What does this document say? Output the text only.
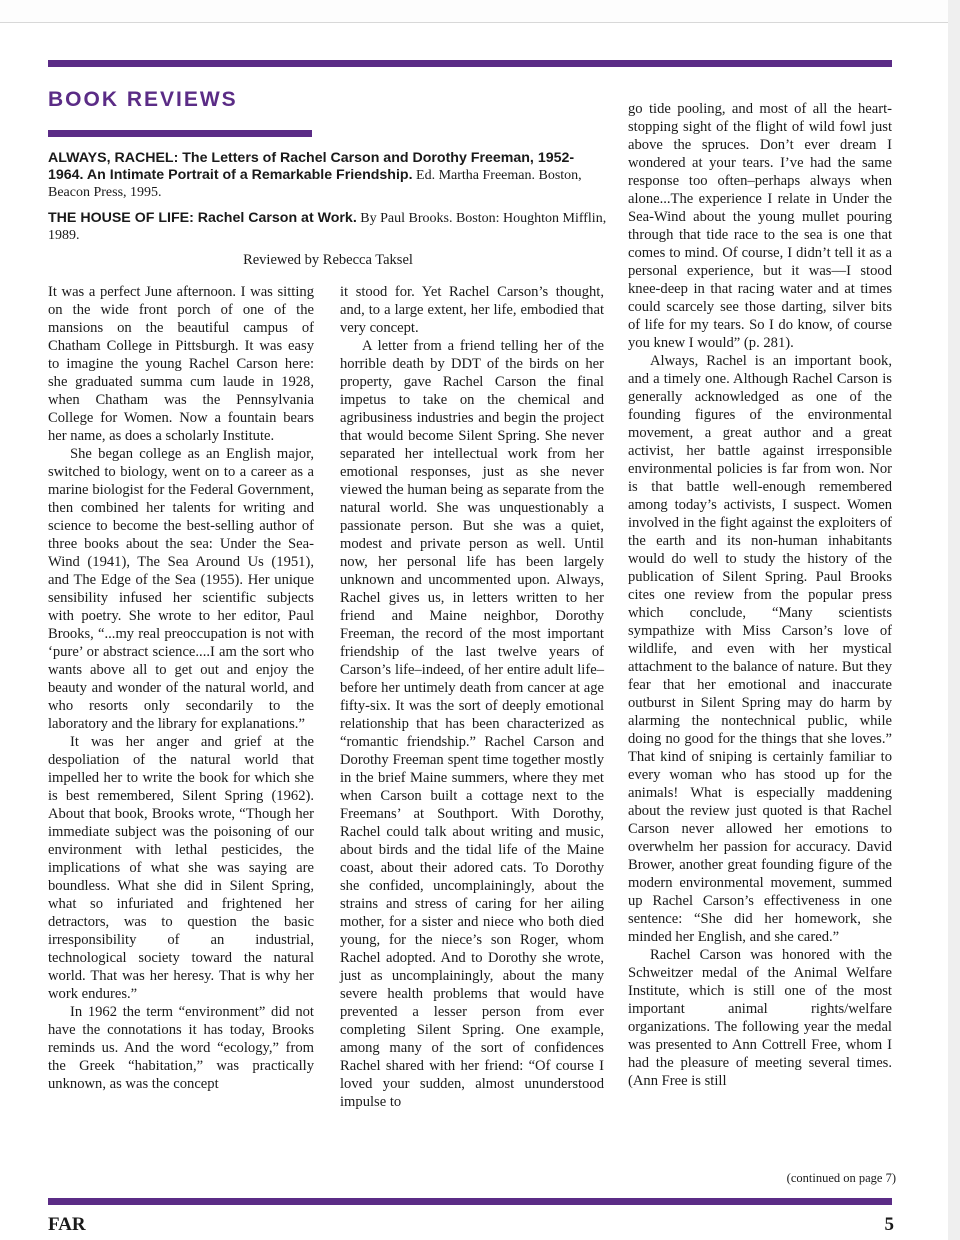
BOOK REVIEWS
ALWAYS, RACHEL: The Letters of Rachel Carson and Dorothy Freeman, 1952-1964. An Intimate Portrait of a Remarkable Friendship. Ed. Martha Freeman. Boston, Beacon Press, 1995.
THE HOUSE OF LIFE: Rachel Carson at Work. By Paul Brooks. Boston: Houghton Mifflin, 1989.
Reviewed by Rebecca Taksel

It was a perfect June afternoon. I was sitting on the wide front porch of one of the mansions on the beautiful campus of Chatham College in Pittsburgh. It was easy to imagine the young Rachel Carson here: she graduated summa cum laude in 1928, when Chatham was the Pennsylvania College for Women. Now a fountain bears her name, as does a scholarly Institute.

She began college as an English major, switched to biology, went on to a career as a marine biologist for the Federal Government, then combined her talents for writing and science to become the best-selling author of three books about the sea: Under the Sea-Wind (1941), The Sea Around Us (1951), and The Edge of the Sea (1955). Her unique sensibility infused her scientific subjects with poetry. She wrote to her editor, Paul Brooks, “...my real preoccupation is not with ‘pure’ or abstract science....I am the sort who wants above all to get out and enjoy the beauty and wonder of the natural world, and who resorts only secondarily to the laboratory and the library for explanations.”

It was her anger and grief at the despoliation of the natural world that impelled her to write the book for which she is best remembered, Silent Spring (1962). About that book, Brooks wrote, “Though her immediate subject was the poisoning of our environment with lethal pesticides, the implications of what she was saying are boundless. What she did in Silent Spring, what so infuriated and frightened her detractors, was to question the basic irresponsibility of an industrial, technological society toward the natural world. That was her heresy. That is why her work endures.”

In 1962 the term “environment” did not have the connotations it has today, Brooks reminds us. And the word “ecology,” from the Greek “habitation,” was practically unknown, as was the concept

it stood for. Yet Rachel Carson’s thought, and, to a large extent, her life, embodied that very concept.

A letter from a friend telling her of the horrible death by DDT of the birds on her property, gave Rachel Carson the final impetus to take on the chemical and agribusiness industries and begin the project that would become Silent Spring. She never separated her intellectual work from her emotional responses, just as she never viewed the human being as separate from the natural world. She was unquestionably a passionate person. But she was a quiet, modest and private person as well. Until now, her personal life has been largely unknown and uncommented upon. Always, Rachel gives us, in letters written to her friend and Maine neighbor, Dorothy Freeman, the record of the most important friendship of the last twelve years of Carson’s life–indeed, of her entire adult life–before her untimely death from cancer at age fifty-six. It was the sort of deeply emotional relationship that has been characterized as “romantic friendship.” Rachel Carson and Dorothy Freeman spent time together mostly in the brief Maine summers, where they met when Carson built a cottage next to the Freemans’ at Southport. With Dorothy, Rachel could talk about writing and music, about birds and the tidal life of the Maine coast, about their adored cats. To Dorothy she confided, uncomplainingly, about the strains and stress of caring for her ailing mother, for a sister and niece who both died young, for the niece’s son Roger, whom Rachel adopted. And to Dorothy she wrote, just as uncomplainingly, about the many severe health problems that would have prevented a lesser person from ever completing Silent Spring. One example, among many of the sort of confidences Rachel shared with her friend: “Of course I loved your sudden, almost ununderstood impulse to

go tide pooling, and most of all the heart-stopping sight of the flight of wild fowl just above the spruces. Don’t ever dream I wondered at your tears. I’ve had the same response too often–perhaps always when alone...The experience I relate in Under the Sea-Wind about the young mullet pouring through that tide race to the sea is one that comes to mind. Of course, I didn’t tell it as a personal experience, but it was—I stood knee-deep in that racing water and at times could scarcely see those darting, silver bits of life for my tears. So I do know, of course you knew I would” (p. 281).

Always, Rachel is an important book, and a timely one. Although Rachel Carson is generally acknowledged as one of the founding figures of the environmental movement, a great author and a great activist, her battle against irresponsible environmental policies is far from won. Nor is that battle well-enough remembered among today’s activists, I suspect. Women involved in the fight against the exploiters of the earth and its non-human inhabitants would do well to study the history of the publication of Silent Spring. Paul Brooks cites one review from the popular press which conclude, “Many scientists sympathize with Miss Carson’s love of wildlife, and even with her mystical attachment to the balance of nature. But they fear that her emotional and inaccurate outburst in Silent Spring may do harm by alarming the nontechnical public, while doing no good for the things that she loves.” That kind of sniping is certainly familiar to every woman who has stood up for the animals! What is especially maddening about the review just quoted is that Rachel Carson never allowed her emotions to overwhelm her passion for accuracy. David Brower, another great founding figure of the modern environmental movement, summed up Rachel Carson’s effectiveness in one sentence: “She did her homework, she minded her English, and she cared.”

Rachel Carson was honored with the Schweitzer medal of the Animal Welfare Institute, which is still one of the most important animal rights/welfare organizations. The following year the medal was presented to Ann Cottrell Free, whom I had the pleasure of meeting several times. (Ann Free is still

(continued on page 7)
FAR	5
